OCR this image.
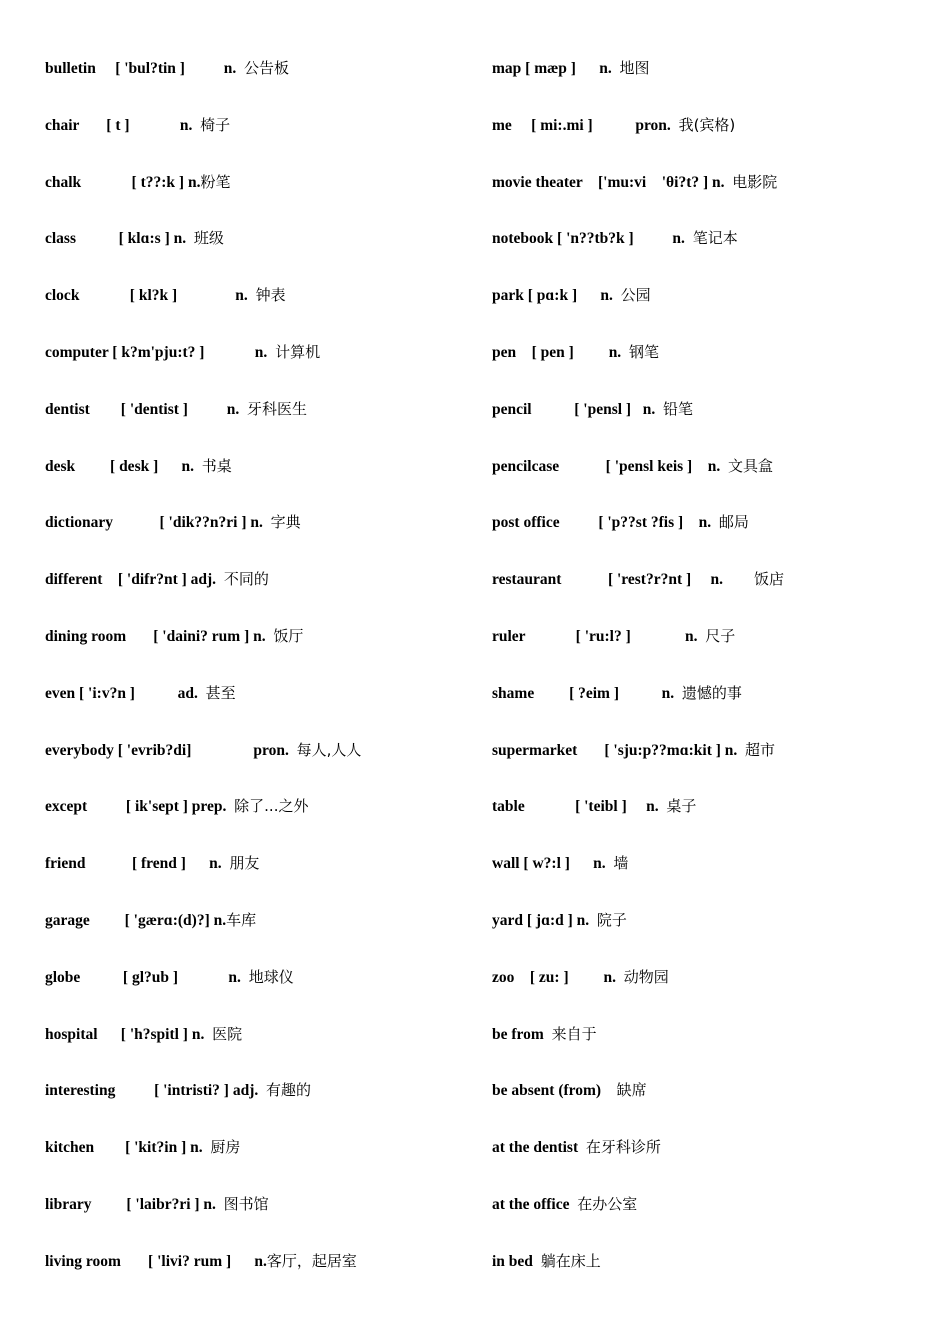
bulletin     [ 'bul?tin ]          n.  公告板
chair       [ t ]             n.  椅子
chalk             [ t??:k ] n.粉笔
class           [ klɑ:s ] n.  班级
clock             [ kl?k ]               n.  钟表
computer [ k?m'pju:t? ]             n.  计算机
dentist        [ 'dentist ]          n.  牙科医生
desk         [ desk ]      n.  书桌
dictionary            [ 'dik??n?ri ] n.  字典
different    [ 'difr?nt ] adj.  不同的
dining room       [ 'daini? rum ] n.  饭厅
even [ 'i:v?n ]           ad.  甚至
everybody [ 'evrib?di]                pron.  每人,人人
except          [ ik'sept ] prep.  除了...之外
friend            [ frend ]      n.  朋友
garage         [ 'gærɑ:(d)?] n.车库
globe           [ gl?ub ]             n.  地球仪
hospital      [ 'h?spitl ] n.  医院
interesting          [ 'intristi? ] adj.  有趣的
kitchen        [ 'kit?in ] n.  厨房
library         [ 'laibr?ri ] n.  图书馆
living room       [ 'livi? rum ]      n.客厅，起居室
map [ mæp ]      n.  地图
me     [ mi:.mi ]           pron.  我(宾格)
movie theater    ['mu:vi    'θi?t? ] n.  电影院
notebook [ 'n??tb?k ]          n.  笔记本
park [ pɑ:k ]      n.  公园
pen    [ pen ]         n.  钢笔
pencil           [ 'pensl ]   n.  铅笔
pencilcase            [ 'pensl keis ]    n.  文具盒
post office          [ 'p??st ?fis ]    n.  邮局
restaurant            [ 'rest?r?nt ]     n.        饭店
ruler             [ 'ru:l? ]              n.  尺子
shame         [ ?eim ]           n.  遗憾的事
supermarket       [ 'sju:p??mɑ:kit ] n.  超市
table             [ 'teibl ]     n.  桌子
wall [ w?:l ]      n.  墙
yard [ jɑ:d ] n.  院子
zoo    [ zu: ]         n.  动物园
be from  来自于
be absent (from)    缺席
at the dentist  在牙科诊所
at the office  在办公室
in bed  躺在床上
